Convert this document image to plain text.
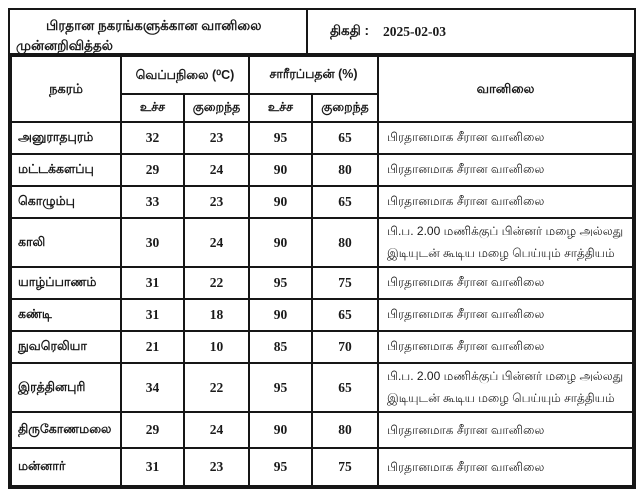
பிரதான நகரங்களுக்கான வானிலை முன்னறிவித்தல்
திகதி : 2025-02-03
நகரம்	வெப்பநிலை (⁰C)		சாரீரப்பதன் (%)		வானிலை
	உச்ச	குறைந்த	உச்ச	குறைந்த	
அனுராதபுரம்	32	23	95	65	பிரதானமாக சீரான வானிலை
மட்டக்களப்பு	29	24	90	80	பிரதானமாக சீரான வானிலை
கொழும்பு	33	23	90	65	பிரதானமாக சீரான வானிலை
காலி	30	24	90	80	பி.ப. 2.00 மணிக்குப் பின்னர் மழை அல்லது இடியுடன் கூடிய மழை பெய்யும் சாத்தியம்
யாழ்ப்பாணம்	31	22	95	75	பிரதானமாக சீரான வானிலை
கண்டி	31	18	90	65	பிரதானமாக சீரான வானிலை
நுவரெலியா	21	10	85	70	பிரதானமாக சீரான வானிலை
இரத்தினபுரி	34	22	95	65	பி.ப. 2.00 மணிக்குப் பின்னர் மழை அல்லது இடியுடன் கூடிய மழை பெய்யும் சாத்தியம்
திருகோணமலை	29	24	90	80	பிரதானமாக சீரான வானிலை
மன்னார்	31	23	95	75	பிரதானமாக சீரான வானிலை
